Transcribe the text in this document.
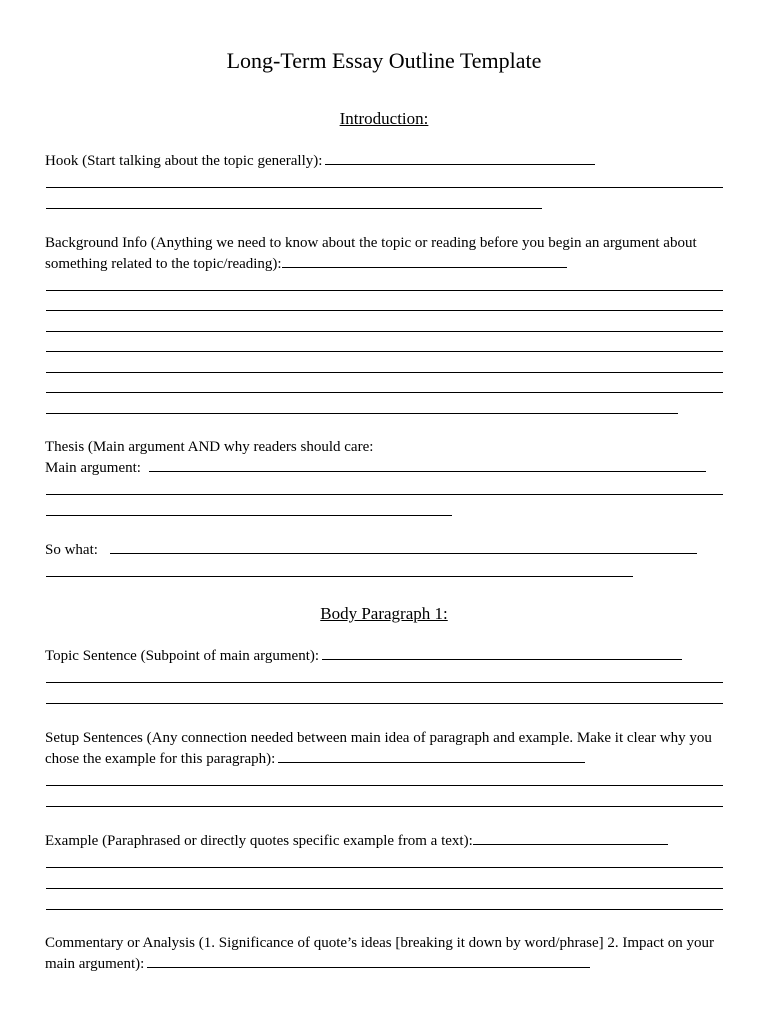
Long-Term Essay Outline Template
Introduction:
Hook (Start talking about the topic generally):
Background Info (Anything we need to know about the topic or reading before you begin an argument about
something related to the topic/reading):
Thesis (Main argument AND why readers should care:
Main argument:
So what:
Body Paragraph 1:
Topic Sentence (Subpoint of main argument):
Setup Sentences (Any connection needed between main idea of paragraph and example. Make it clear why you
chose the example for this paragraph):
Example (Paraphrased or directly quotes specific example from a text):
Commentary or Analysis (1. Significance of quote’s ideas [breaking it down by word/phrase] 2. Impact on your
main argument):
